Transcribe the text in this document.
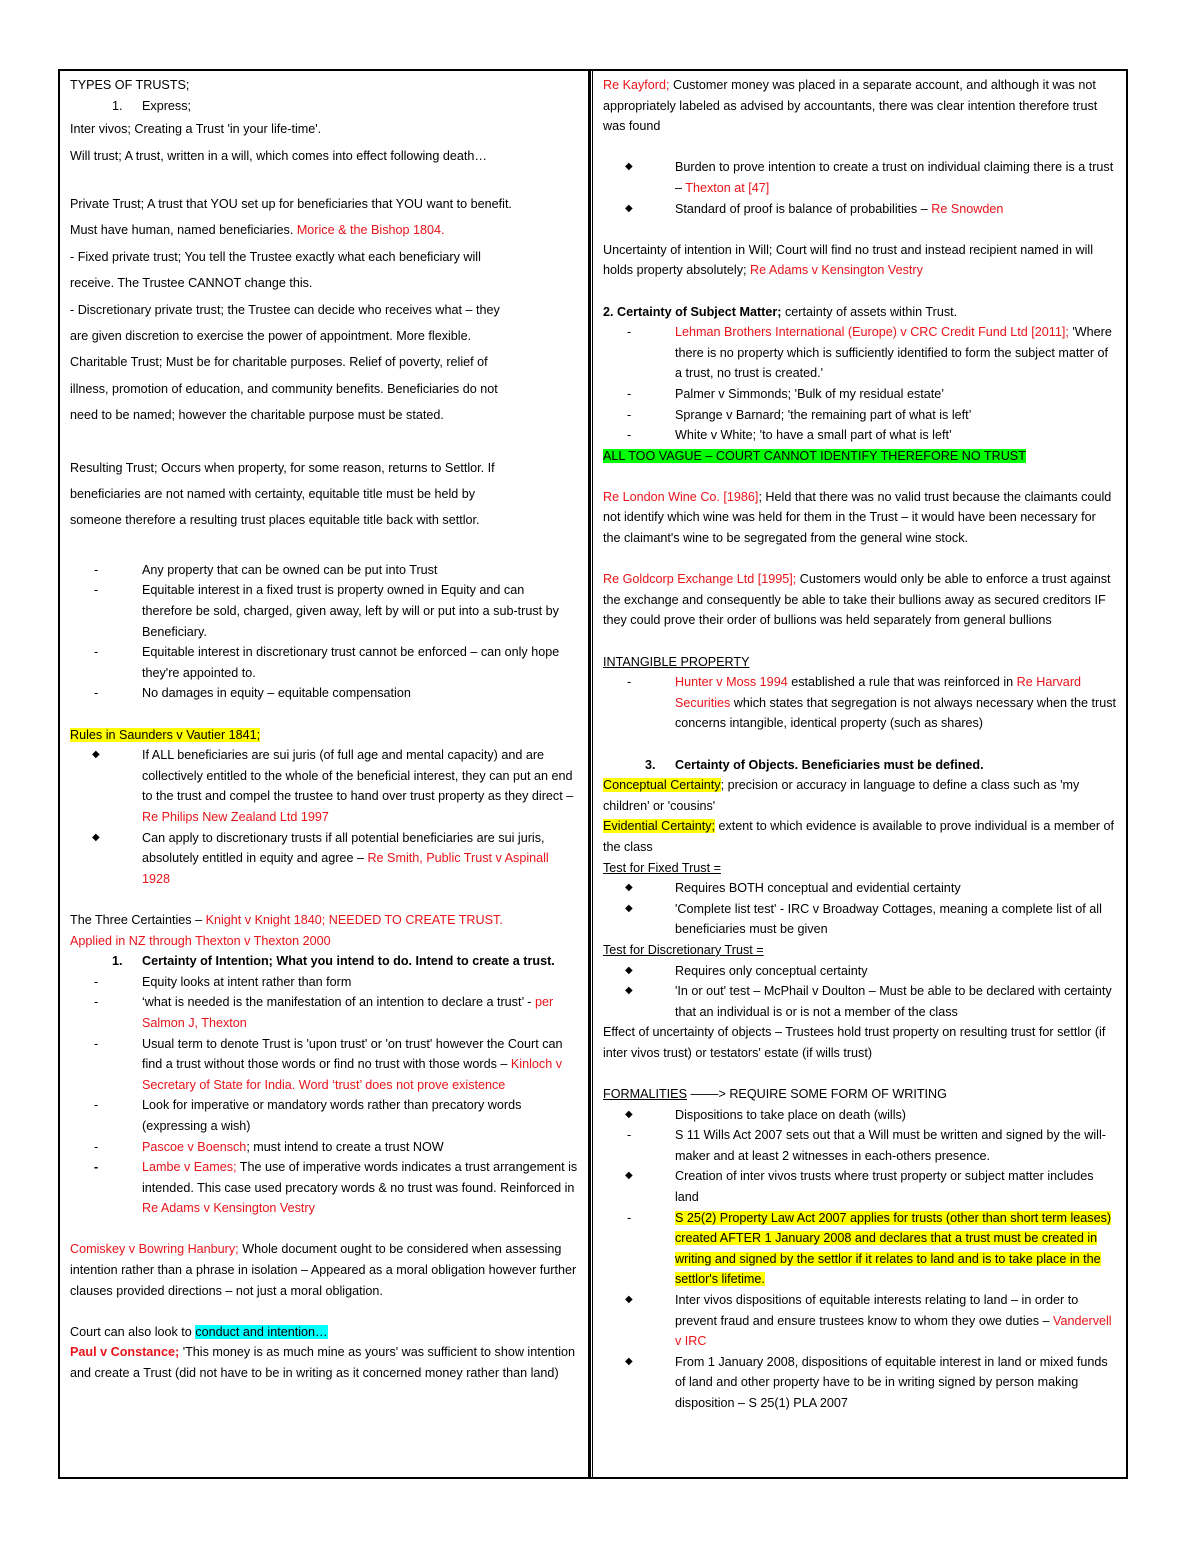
TYPES OF TRUSTS;

1.	Express;

Inter vivos; Creating a Trust 'in your life-time'.

Will trust; A trust, written in a will, which comes into effect following death…

Private Trust; A trust that YOU set up for beneficiaries that YOU want to benefit.

Must have human, named beneficiaries. Morice & the Bishop 1804.

- Fixed private trust; You tell the Trustee exactly what each beneficiary will

receive. The Trustee CANNOT change this.

- Discretionary private trust; the Trustee can decide who receives what – they

are given discretion to exercise the power of appointment. More flexible.

Charitable Trust; Must be for charitable purposes. Relief of poverty, relief of

illness, promotion of education, and community benefits. Beneficiaries do not

need to be named; however the charitable purpose must be stated.

Resulting Trust; Occurs when property, for some reason, returns to Settlor. If

beneficiaries are not named with certainty, equitable title must be held by

someone therefore a resulting trust places equitable title back with settlor.

-	Any property that can be owned can be put into Trust
-	Equitable interest in a fixed trust is property owned in Equity and can therefore be sold, charged, given away, left by will or put into a sub-trust by Beneficiary.
-	Equitable interest in discretionary trust cannot be enforced – can only hope they're appointed to.
-	No damages in equity – equitable compensation

Rules in Saunders v Vautier 1841;

◆	If ALL beneficiaries are sui juris (of full age and mental capacity) and are collectively entitled to the whole of the beneficial interest, they can put an end to the trust and compel the trustee to hand over trust property as they direct – Re Philips New Zealand Ltd 1997
◆	Can apply to discretionary trusts if all potential beneficiaries are sui juris, absolutely entitled in equity and agree – Re Smith, Public Trust v Aspinall 1928

The Three Certainties – Knight v Knight 1840; NEEDED TO CREATE TRUST.

Applied in NZ through Thexton v Thexton 2000

1.	Certainty of Intention; What you intend to do. Intend to create a trust.
-	Equity looks at intent rather than form
-	‘what is needed is the manifestation of an intention to declare a trust’ - per Salmon J, Thexton
-	Usual term to denote Trust is 'upon trust' or 'on trust' however the Court can find a trust without those words or find no trust with those words – Kinloch v Secretary of State for India. Word ‘trust’ does not prove existence
-	Look for imperative or mandatory words rather than precatory words (expressing a wish)
-	Pascoe v Boensch; must intend to create a trust NOW
-	Lambe v Eames; The use of imperative words indicates a trust arrangement is intended. This case used precatory words & no trust was found. Reinforced in Re Adams v Kensington Vestry

Comiskey v Bowring Hanbury; Whole document ought to be considered when assessing intention rather than a phrase in isolation – Appeared as a moral obligation however further clauses provided directions – not just a moral obligation.

Court can also look to conduct and intention…

Paul v Constance; 'This money is as much mine as yours' was sufficient to show intention and create a Trust (did not have to be in writing as it concerned money rather than land)

Re Kayford; Customer money was placed in a separate account, and although it was not appropriately labeled as advised by accountants, there was clear intention therefore trust was found

◆	Burden to prove intention to create a trust on individual claiming there is a trust – Thexton at [47]
◆	Standard of proof is balance of probabilities – Re Snowden

Uncertainty of intention in Will; Court will find no trust and instead recipient named in will holds property absolutely; Re Adams v Kensington Vestry

2. Certainty of Subject Matter; certainty of assets within Trust.

-	Lehman Brothers International (Europe) v CRC Credit Fund Ltd [2011]; 'Where there is no property which is sufficiently identified to form the subject matter of a trust, no trust is created.'
-	Palmer v Simmonds; 'Bulk of my residual estate’
-	Sprange v Barnard; 'the remaining part of what is left’
-	White v White; 'to have a small part of what is left’

ALL TOO VAGUE – COURT CANNOT IDENTIFY THEREFORE NO TRUST

Re London Wine Co. [1986]; Held that there was no valid trust because the claimants could not identify which wine was held for them in the Trust – it would have been necessary for the claimant's wine to be segregated from the general wine stock.

Re Goldcorp Exchange Ltd [1995]; Customers would only be able to enforce a trust against the exchange and consequently be able to take their bullions away as secured creditors IF they could prove their order of bullions was held separately from general bullions

INTANGIBLE PROPERTY

-	Hunter v Moss 1994 established a rule that was reinforced in Re Harvard Securities which states that segregation is not always necessary when the trust concerns intangible, identical property (such as shares)
3.	Certainty of Objects. Beneficiaries must be defined.

Conceptual Certainty; precision or accuracy in language to define a class such as 'my children' or 'cousins'

Evidential Certainty; extent to which evidence is available to prove individual is a member of the class

Test for Fixed Trust =

◆	Requires BOTH conceptual and evidential certainty
◆	'Complete list test' - IRC v Broadway Cottages, meaning a complete list of all beneficiaries must be given

Test for Discretionary Trust =

◆	Requires only conceptual certainty
◆	'In or out' test – McPhail v Doulton – Must be able to be declared with certainty that an individual is or is not a member of the class

Effect of uncertainty of objects – Trustees hold trust property on resulting trust for settlor (if inter vivos trust) or testators' estate (if wills trust)

FORMALITIES ––––> REQUIRE SOME FORM OF WRITING

◆	Dispositions to take place on death (wills)
-	S 11 Wills Act 2007 sets out that a Will must be written and signed by the will-maker and at least 2 witnesses in each-others presence.
◆	Creation of inter vivos trusts where trust property or subject matter includes land
-	S 25(2) Property Law Act 2007 applies for trusts (other than short term leases) created AFTER 1 January 2008 and declares that a trust must be created in writing and signed by the settlor if it relates to land and is to take place in the settlor's lifetime.
◆	Inter vivos dispositions of equitable interests relating to land – in order to prevent fraud and ensure trustees know to whom they owe duties – Vandervell v IRC
◆	From 1 January 2008, dispositions of equitable interest in land or mixed funds of land and other property have to be in writing signed by person making disposition – S 25(1) PLA 2007
